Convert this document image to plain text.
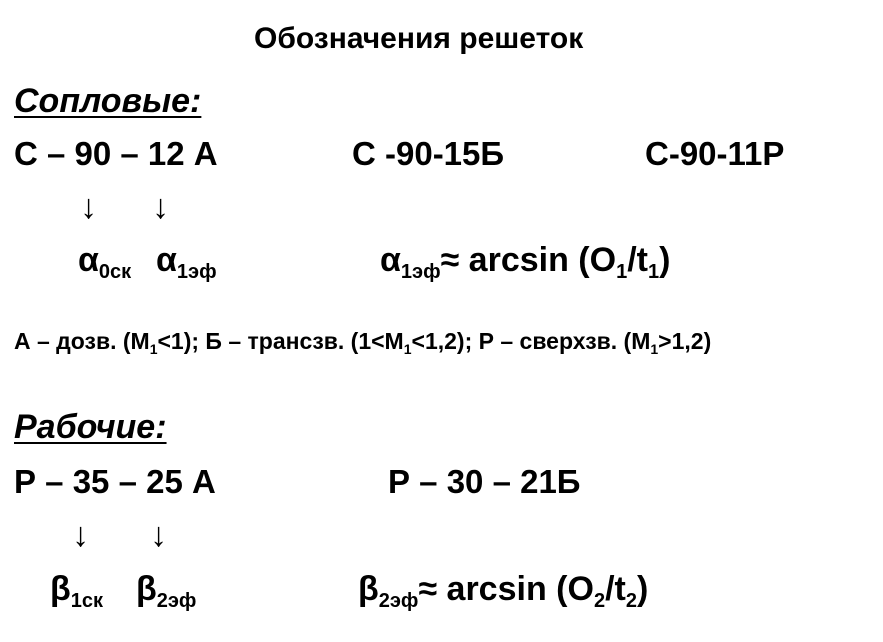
Обозначения решеток
Сопловые:
С – 90 – 12 А	С -90-15Б	С-90-11Р
↓ ↓
$\alpha_{0ск}$ $\alpha_{1эф}$	$\alpha_{1эф}\approx \arcsin (O_1/t_1)$
А – дозв. $(М_1<1)$; Б – трансзв. $(1<М_1<1,2)$; Р – сверхзв. $(М_1>1,2)$
Рабочие:
Р – 35 – 25 А	Р – 30 – 21Б
↓ ↓
$\beta_{1ск}$ $\beta_{2эф}$	$\beta_{2эф}\approx \arcsin (O_2/t_2)$
